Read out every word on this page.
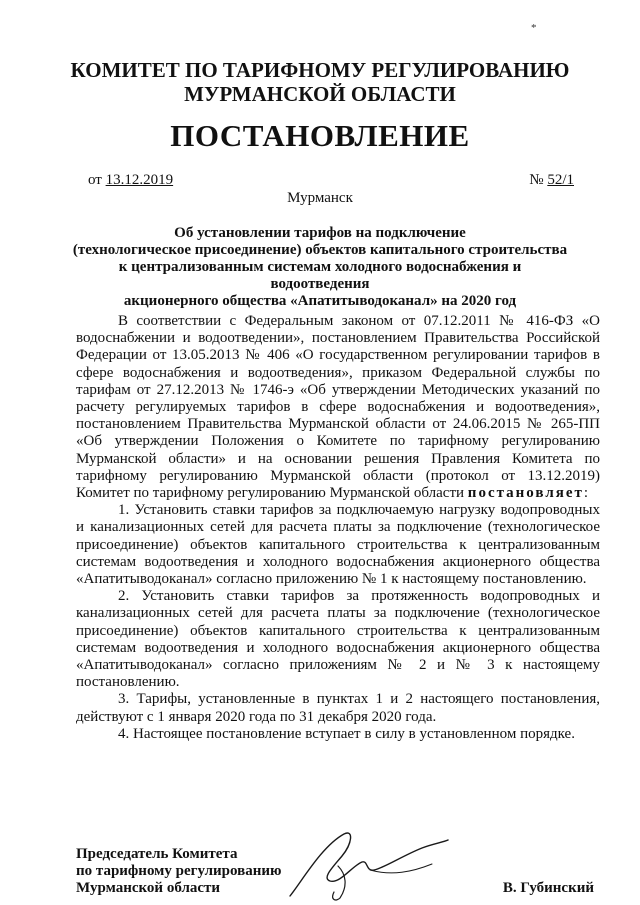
*
КОМИТЕТ ПО ТАРИФНОМУ РЕГУЛИРОВАНИЮ
МУРМАНСКОЙ ОБЛАСТИ
ПОСТАНОВЛЕНИЕ
от 13.12.2019	№ 52/1
Мурманск
Об установлении тарифов на подключение
(технологическое присоединение) объектов капитального строительства
к централизованным системам холодного водоснабжения и водоотведения
акционерного общества «Апатитыводоканал» на 2020 год

В соответствии с Федеральным законом от 07.12.2011 № 416-ФЗ «О водоснабжении и водоотведении», постановлением Правительства Российской Федерации от 13.05.2013 № 406 «О государственном регулировании тарифов в сфере водоснабжения и водоотведения», приказом Федеральной службы по тарифам от 27.12.2013 № 1746-э «Об утверждении Методических указаний по расчету регулируемых тарифов в сфере водоснабжения и водоотведения», постановлением Правительства Мурманской области от 24.06.2015 № 265-ПП «Об утверждении Положения о Комитете по тарифному регулированию Мурманской области» и на основании решения Правления Комитета по тарифному регулированию Мурманской области (протокол от 13.12.2019) Комитет по тарифному регулированию Мурманской области постановляет:

1. Установить ставки тарифов за подключаемую нагрузку водопроводных и канализационных сетей для расчета платы за подключение (технологическое присоединение) объектов капитального строительства к централизованным системам водоотведения и холодного водоснабжения акционерного общества «Апатитыводоканал» согласно приложению № 1 к настоящему постановлению.

2. Установить ставки тарифов за протяженность водопроводных и канализационных сетей для расчета платы за подключение (технологическое присоединение) объектов капитального строительства к централизованным системам водоотведения и холодного водоснабжения акционерного общества «Апатитыводоканал» согласно приложениям № 2 и № 3 к настоящему постановлению.

3. Тарифы, установленные в пунктах 1 и 2 настоящего постановления, действуют с 1 января 2020 года по 31 декабря 2020 года.

4. Настоящее постановление вступает в силу в установленном порядке.

Председатель Комитета
по тарифному регулированию
Мурманской области	В. Губинский
